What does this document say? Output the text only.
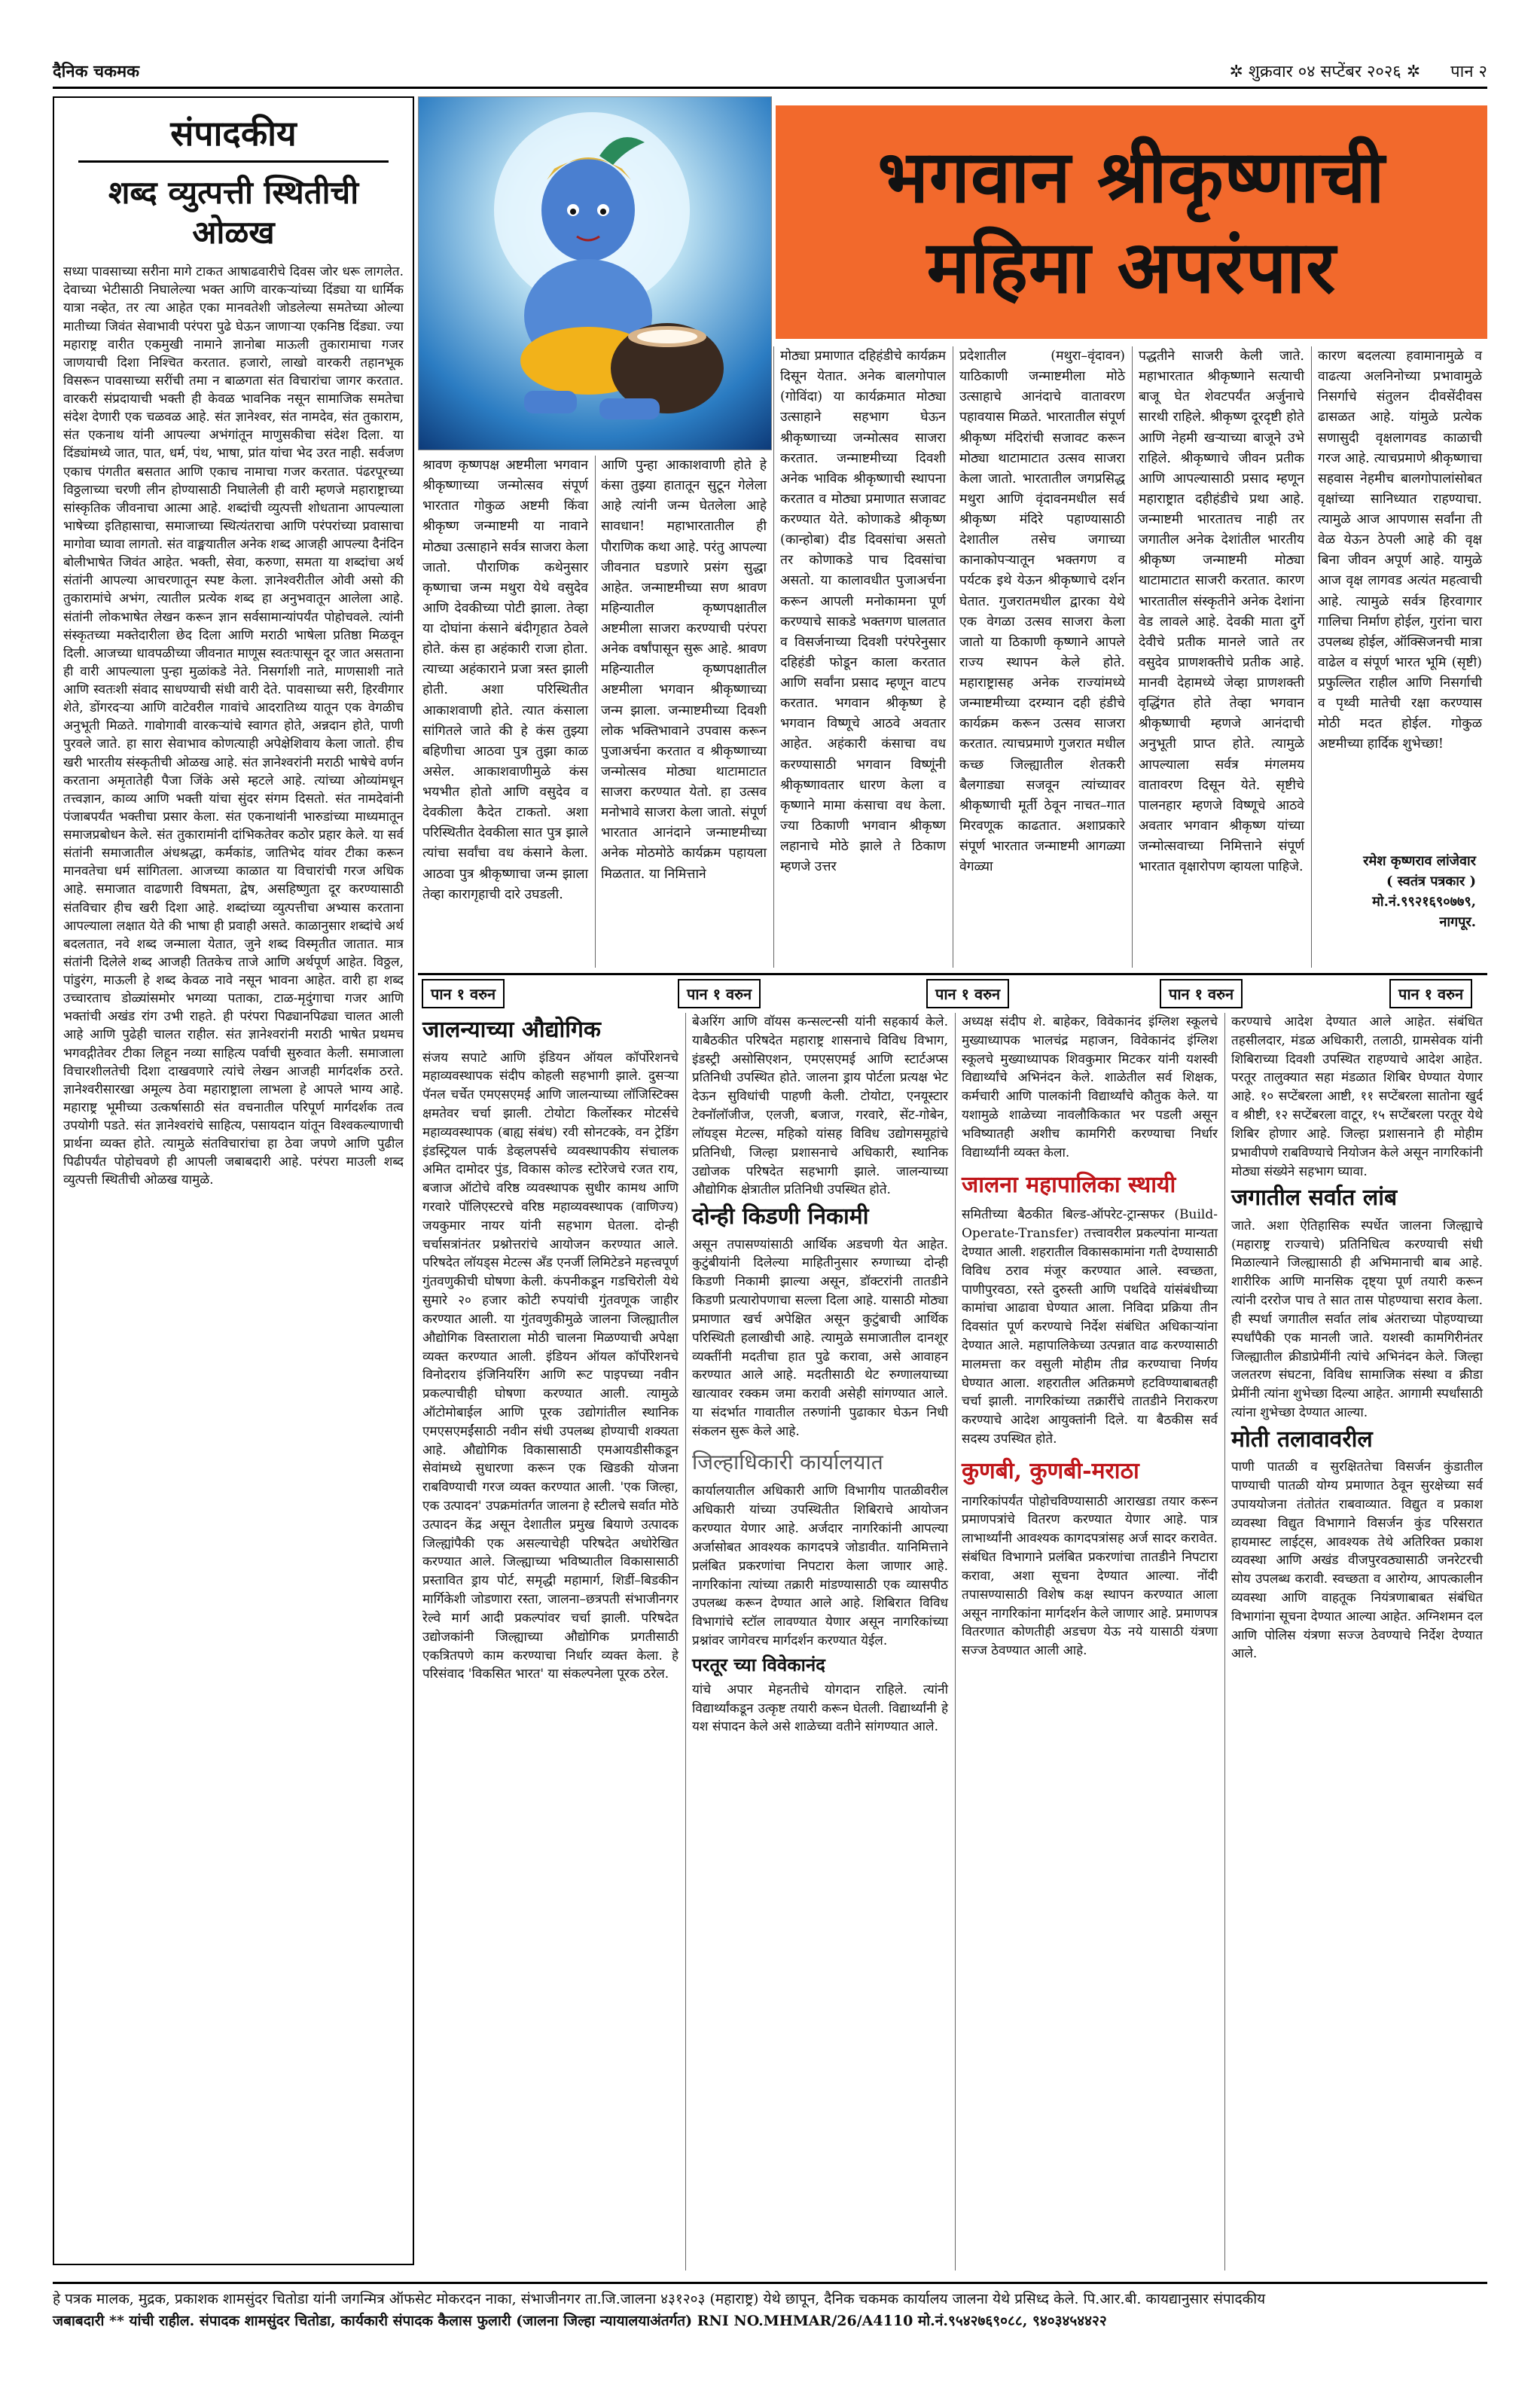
दैनिक चकमक	✲ शुक्रवार ०४ सप्टेंबर २०२६ ✲ पान २
संपादकीय
शब्द व्युत्पत्ती स्थितीची ओळख
सध्या पावसाच्या सरीना मागे टाकत आषाढवारीचे दिवस जोर धरू लागलेत. देवाच्या भेटीसाठी निघालेल्या भक्त आणि वारकऱ्यांच्या दिंड्या या धार्मिक यात्रा नव्हेत, तर त्या आहेत एका मानवतेशी जोडलेल्या समतेच्या ओल्या मातीच्या जिवंत सेवाभावी परंपरा पुढे घेऊन जाणाऱ्या एकनिष्ठ दिंड्या. ज्या महाराष्ट्र वारीत एकमुखी नामाने ज्ञानोबा माऊली तुकारामाचा गजर जाणयाची दिशा निश्चित करतात. हजारो, लाखो वारकरी तहानभूक विसरून पावसाच्या सरींची तमा न बाळगता संत विचारांचा जागर करतात. वारकरी संप्रदायाची भक्ती ही केवळ भावनिक नसून सामाजिक समतेचा संदेश देणारी एक चळवळ आहे. संत ज्ञानेश्वर, संत नामदेव, संत तुकाराम, संत एकनाथ यांनी आपल्या अभंगांतून माणुसकीचा संदेश दिला. या दिंड्यांमध्ये जात, पात, धर्म, पंथ, भाषा, प्रांत यांचा भेद उरत नाही. सर्वजण एकाच पंगतीत बसतात आणि एकाच नामाचा गजर करतात. पंढरपूरच्या विठ्ठलाच्या चरणी लीन होण्यासाठी निघालेली ही वारी म्हणजे महाराष्ट्राच्या सांस्कृतिक जीवनाचा आत्मा आहे. शब्दांची व्युत्पत्ती शोधताना आपल्याला भाषेच्या इतिहासाचा, समाजाच्या स्थित्यंतराचा आणि परंपरांच्या प्रवासाचा मागोवा घ्यावा लागतो. संत वाङ्मयातील अनेक शब्द आजही आपल्या दैनंदिन बोलीभाषेत जिवंत आहेत. भक्ती, सेवा, करुणा, समता या शब्दांचा अर्थ संतांनी आपल्या आचरणातून स्पष्ट केला. ज्ञानेश्वरीतील ओवी असो की तुकारामांचे अभंग, त्यातील प्रत्येक शब्द हा अनुभवातून आलेला आहे. संतांनी लोकभाषेत लेखन करून ज्ञान सर्वसामान्यांपर्यंत पोहोचवले. त्यांनी संस्कृतच्या मक्तेदारीला छेद दिला आणि मराठी भाषेला प्रतिष्ठा मिळवून दिली. आजच्या धावपळीच्या जीवनात माणूस स्वतःपासून दूर जात असताना ही वारी आपल्याला पुन्हा मुळांकडे नेते. निसर्गाशी नाते, माणसाशी नाते आणि स्वतःशी संवाद साधण्याची संधी वारी देते. पावसाच्या सरी, हिरवीगार शेते, डोंगरदऱ्या आणि वाटेवरील गावांचे आदरातिथ्य यातून एक वेगळीच अनुभूती मिळते. गावोगावी वारकऱ्यांचे स्वागत होते, अन्नदान होते, पाणी पुरवले जाते. हा सारा सेवाभाव कोणत्याही अपेक्षेशिवाय केला जातो. हीच खरी भारतीय संस्कृतीची ओळख आहे. संत ज्ञानेश्वरांनी मराठी भाषेचे वर्णन करताना अमृतातेही पैजा जिंके असे म्हटले आहे. त्यांच्या ओव्यांमधून तत्त्वज्ञान, काव्य आणि भक्ती यांचा सुंदर संगम दिसतो. संत नामदेवांनी पंजाबपर्यंत भक्तीचा प्रसार केला. संत एकनाथांनी भारुडांच्या माध्यमातून समाजप्रबोधन केले. संत तुकारामांनी दांभिकतेवर कठोर प्रहार केले. या सर्व संतांनी समाजातील अंधश्रद्धा, कर्मकांड, जातिभेद यांवर टीका करून मानवतेचा धर्म सांगितला. आजच्या काळात या विचारांची गरज अधिक आहे. समाजात वाढणारी विषमता, द्वेष, असहिष्णुता दूर करण्यासाठी संतविचार हीच खरी दिशा आहे. शब्दांच्या व्युत्पत्तीचा अभ्यास करताना आपल्याला लक्षात येते की भाषा ही प्रवाही असते. काळानुसार शब्दांचे अर्थ बदलतात, नवे शब्द जन्माला येतात, जुने शब्द विस्मृतीत जातात. मात्र संतांनी दिलेले शब्द आजही तितकेच ताजे आणि अर्थपूर्ण आहेत. विठ्ठल, पांडुरंग, माऊली हे शब्द केवळ नावे नसून भावना आहेत. वारी हा शब्द उच्चारताच डोळ्यांसमोर भगव्या पताका, टाळ-मृदुंगाचा गजर आणि भक्तांची अखंड रांग उभी राहते. ही परंपरा पिढ्यानपिढ्या चालत आली आहे आणि पुढेही चालत राहील. संत ज्ञानेश्वरांनी मराठी भाषेत प्रथमच भगवद्गीतेवर टीका लिहून नव्या साहित्य पर्वाची सुरुवात केली. समाजाला विचारशीलतेची दिशा दाखवणारे त्यांचे लेखन आजही मार्गदर्शक ठरते. ज्ञानेश्वरीसारखा अमूल्य ठेवा महाराष्ट्राला लाभला हे आपले भाग्य आहे. महाराष्ट्र भूमीच्या उत्कर्षासाठी संत वचनातील परिपूर्ण मार्गदर्शक तत्व उपयोगी पडते. संत ज्ञानेश्वरांचे साहित्य, पसायदान यांतून विश्वकल्याणाची प्रार्थना व्यक्त होते. त्यामुळे संतविचारांचा हा ठेवा जपणे आणि पुढील पिढीपर्यंत पोहोचवणे ही आपली जबाबदारी आहे. परंपरा माउली शब्द व्युत्पत्ती स्थितीची ओळख यामुळे.
भगवान श्रीकृष्णाची
महिमा अपरंपार
श्रावण कृष्णपक्ष अष्टमीला भगवान श्रीकृष्णाच्या जन्मोत्सव संपूर्ण भारतात गोकुळ अष्टमी किंवा श्रीकृष्ण जन्माष्टमी या नावाने मोठ्या उत्साहाने सर्वत्र साजरा केला जातो. पौराणिक कथेनुसार कृष्णाचा जन्म मथुरा येथे वसुदेव आणि देवकीच्या पोटी झाला. तेव्हा या दोघांना कंसाने बंदीगृहात ठेवले होते. कंस हा अहंकारी राजा होता. त्याच्या अहंकाराने प्रजा त्रस्त झाली होती. अशा परिस्थितीत आकाशवाणी होते. त्यात कंसाला सांगितले जाते की हे कंस तुझ्या बहिणीचा आठवा पुत्र तुझा काळ असेल. आकाशवाणीमुळे कंस भयभीत होतो आणि वसुदेव व देवकीला कैदेत टाकतो. अशा परिस्थितीत देवकीला सात पुत्र झाले त्यांचा सर्वांचा वध कंसाने केला. आठवा पुत्र श्रीकृष्णाचा जन्म झाला तेव्हा कारागृहाची दारे उघडली.
आणि पुन्हा आकाशवाणी होते हे कंसा तुझ्या हातातून सुटून गेलेला आहे त्यांनी जन्म घेतलेला आहे सावधान! महाभारतातील ही पौराणिक कथा आहे. परंतु आपल्या जीवनात घडणारे प्रसंग सुद्धा आहेत. जन्माष्टमीच्या सण श्रावण महिन्यातील कृष्णपक्षातील अष्टमीला साजरा करण्याची परंपरा अनेक वर्षांपासून सुरू आहे. श्रावण महिन्यातील कृष्णपक्षातील अष्टमीला भगवान श्रीकृष्णाच्या जन्म झाला. जन्माष्टमीच्या दिवशी लोक भक्तिभावाने उपवास करून पुजाअर्चना करतात व श्रीकृष्णाच्या जन्मोत्सव मोठ्या थाटामाटात साजरा करण्यात येतो. हा उत्सव मनोभावे साजरा केला जातो. संपूर्ण भारतात आनंदाने जन्माष्टमीच्या अनेक मोठमोठे कार्यक्रम पहायला मिळतात. या निमित्ताने
मोठ्या प्रमाणात दहिहंडीचे कार्यक्रम दिसून येतात. अनेक बालगोपाल (गोविंदा) या कार्यक्रमात मोठ्या उत्साहाने सहभाग घेऊन श्रीकृष्णाच्या जन्मोत्सव साजरा करतात. जन्माष्टमीच्या दिवशी अनेक भाविक श्रीकृष्णाची स्थापना करतात व मोठ्या प्रमाणात सजावट करण्यात येते. कोणाकडे श्रीकृष्ण (कान्होबा) दीड दिवसांचा असतो तर कोणाकडे पाच दिवसांचा असतो. या कालावधीत पुजाअर्चना करून आपली मनोकामना पूर्ण करण्याचे साकडे भक्तगण घालतात व विसर्जनाच्या दिवशी परंपरेनुसार दहिहंडी फोडून काला करतात आणि सर्वांना प्रसाद म्हणून वाटप करतात. भगवान श्रीकृष्ण हे भगवान विष्णूचे आठवे अवतार आहेत. अहंकारी कंसाचा वध करण्यासाठी भगवान विष्णूंनी श्रीकृष्णावतार धारण केला व कृष्णाने मामा कंसाचा वध केला. ज्या ठिकाणी भगवान श्रीकृष्ण लहानाचे मोठे झाले ते ठिकाण म्हणजे उत्तर
प्रदेशातील (मथुरा–वृंदावन) याठिकाणी जन्माष्टमीला मोठे उत्साहाचे आनंदाचे वातावरण पहावयास मिळते. भारतातील संपूर्ण श्रीकृष्ण मंदिरांची सजावट करून मोठ्या थाटामाटात उत्सव साजरा केला जातो. भारतातील जगप्रसिद्ध मथुरा आणि वृंदावनमधील सर्व श्रीकृष्ण मंदिरे पहाण्यासाठी देशातील तसेच जगाच्या कानाकोपऱ्यातून भक्तगण व पर्यटक इथे येऊन श्रीकृष्णाचे दर्शन घेतात. गुजरातमधील द्वारका येथे एक वेगळा उत्सव साजरा केला जातो या ठिकाणी कृष्णाने आपले राज्य स्थापन केले होते. महाराष्ट्रासह अनेक राज्यांमध्ये जन्माष्टमीच्या दरम्यान दही हंडीचे कार्यक्रम करून उत्सव साजरा करतात. त्याचप्रमाणे गुजरात मधील कच्छ जिल्ह्यातील शेतकरी बैलगाड्या सजवून त्यांच्यावर श्रीकृष्णाची मूर्ती ठेवून नाचत–गात मिरवणूक काढतात. अशाप्रकारे संपूर्ण भारतात जन्माष्टमी आगळ्या वेगळ्या
पद्धतीने साजरी केली जाते. महाभारतात श्रीकृष्णाने सत्याची बाजू घेत शेवटपर्यंत अर्जुनाचे सारथी राहिले. श्रीकृष्ण दूरदृष्टी होते आणि नेहमी खऱ्याच्या बाजूने उभे राहिले. श्रीकृष्णाचे जीवन प्रतीक आणि आपल्यासाठी प्रसाद म्हणून महाराष्ट्रात दहीहंडीचे प्रथा आहे. जन्माष्टमी भारतातच नाही तर जगातील अनेक देशांतील भारतीय श्रीकृष्ण जन्माष्टमी मोठ्या थाटामाटात साजरी करतात. कारण भारतातील संस्कृतीने अनेक देशांना वेड लावले आहे. देवकी माता दुर्गे देवीचे प्रतीक मानले जाते तर वसुदेव प्राणशक्तीचे प्रतीक आहे. मानवी देहामध्ये जेव्हा प्राणशक्ती वृद्धिंगत होते तेव्हा भगवान श्रीकृष्णाची म्हणजे आनंदाची अनुभूती प्राप्त होते. त्यामुळे आपल्याला सर्वत्र मंगलमय वातावरण दिसून येते. सृष्टीचे पालनहार म्हणजे विष्णूचे आठवे अवतार भगवान श्रीकृष्ण यांच्या जन्मोत्सवाच्या निमित्ताने संपूर्ण भारतात वृक्षारोपण व्हायला पाहिजे.
कारण बदलत्या हवामानामुळे व वाढत्या अलनिनोच्या प्रभावामुळे निसर्गाचे संतुलन दीवसेंदीवस ढासळत आहे. यांमुळे प्रत्येक सणासुदी वृक्षलागवड काळाची गरज आहे. त्याचप्रमाणे श्रीकृष्णाचा सहवास नेहमीच बालगोपालांसोबत वृक्षांच्या सानिध्यात राहण्याचा. त्यामुळे आज आपणास सर्वांना ती वेळ येऊन ठेपली आहे की वृक्ष बिना जीवन अपूर्ण आहे. यामुळे आज वृक्ष लागवड अत्यंत महत्वाची आहे. त्यामुळे सर्वत्र हिरवागार गालिचा निर्माण होईल, गुरांना चारा उपलब्ध होईल, ऑक्सिजनची मात्रा वाढेल व संपूर्ण भारत भूमि (सृष्टी) प्रफुल्लित राहील आणि निसर्गाची व पृथ्वी मातेची रक्षा करण्यास मोठी मदत होईल. गोकुळ अष्टमीच्या हार्दिक शुभेच्छा!
रमेश कृष्णराव लांजेवार
( स्वतंत्र पत्रकार )
मो.नं.९९२१६९०७७९,
नागपूर.
पान १ वरुन	पान १ वरुन	पान १ वरुन	पान १ वरुन	पान १ वरुन
जालन्याच्या औद्योगिक
संजय सपाटे आणि इंडियन ऑयल कॉर्पोरेशनचे महाव्यवस्थापक संदीप कोहली सहभागी झाले. दुसऱ्या पॅनल चर्चेत एमएसएमई आणि जालन्याच्या लॉजिस्टिक्स क्षमतेवर चर्चा झाली. टोयोटा किर्लोस्कर मोटर्सचे महाव्यवस्थापक (बाह्य संबंध) रवी सोनटक्के, वन ट्रेडिंग इंडस्ट्रियल पार्क डेव्हलपर्सचे व्यवस्थापकीय संचालक अमित दामोदर पुंड, विकास कोल्ड स्टोरेजचे रजत राय, बजाज ऑटोचे वरिष्ठ व्यवस्थापक सुधीर कामथ आणि गरवारे पॉलिएस्टरचे वरिष्ठ महाव्यवस्थापक (वाणिज्य) जयकुमार नायर यांनी सहभाग घेतला. दोन्ही चर्चासत्रांनंतर प्रश्नोत्तरांचे आयोजन करण्यात आले. परिषदेत लॉयड्स मेटल्स अँड एनर्जी लिमिटेडने महत्त्वपूर्ण गुंतवणुकीची घोषणा केली. कंपनीकडून गडचिरोली येथे सुमारे २० हजार कोटी रुपयांची गुंतवणूक जाहीर करण्यात आली. या गुंतवणुकीमुळे जालना जिल्ह्यातील औद्योगिक विस्ताराला मोठी चालना मिळण्याची अपेक्षा व्यक्त करण्यात आली. इंडियन ऑयल कॉर्पोरेशनचे विनोदराय इंजिनियरिंग आणि रूट पाइपच्या नवीन प्रकल्पाचीही घोषणा करण्यात आली. त्यामुळे ऑटोमोबाईल आणि पूरक उद्योगांतील स्थानिक एमएसएमईंसाठी नवीन संधी उपलब्ध होण्याची शक्यता आहे. औद्योगिक विकासासाठी एमआयडीसीकडून सेवांमध्ये सुधारणा करून एक खिडकी योजना राबविण्याची गरज व्यक्त करण्यात आली. 'एक जिल्हा, एक उत्पादन' उपक्रमांतर्गत जालना हे स्टीलचे सर्वात मोठे उत्पादन केंद्र असून देशातील प्रमुख बियाणे उत्पादक जिल्ह्यांपैकी एक असल्याचेही परिषदेत अधोरेखित करण्यात आले. जिल्ह्याच्या भविष्यातील विकासासाठी प्रस्तावित ड्राय पोर्ट, समृद्धी महामार्ग, शिर्डी–बिडकीन मार्गिकेशी जोडणारा रस्ता, जालना–छत्रपती संभाजीनगर रेल्वे मार्ग आदी प्रकल्पांवर चर्चा झाली. परिषदेत उद्योजकांनी जिल्ह्याच्या औद्योगिक प्रगतीसाठी एकत्रितपणे काम करण्याचा निर्धार व्यक्त केला. हे परिसंवाद 'विकसित भारत' या संकल्पनेला पूरक ठरेल.
बेअरिंग आणि वॉयस कन्सल्टन्सी यांनी सहकार्य केले. याबैठकीत परिषदेत महाराष्ट्र शासनाचे विविध विभाग, इंडस्ट्री असोसिएशन, एमएसएमई आणि स्टार्टअप्स प्रतिनिधी उपस्थित होते. जालना ड्राय पोर्टला प्रत्यक्ष भेट देऊन सुविधांची पाहणी केली. टोयोटा, एनयूस्टार टेक्नॉलॉजीज, एलजी, बजाज, गरवारे, सेंट-गोबेन, लॉयड्स मेटल्स, महिको यांसह विविध उद्योगसमूहांचे प्रतिनिधी, जिल्हा प्रशासनाचे अधिकारी, स्थानिक उद्योजक परिषदेत सहभागी झाले. जालन्याच्या औद्योगिक क्षेत्रातील प्रतिनिधी उपस्थित होते.
दोन्ही किडणी निकामी
असून तपासण्यांसाठी आर्थिक अडचणी येत आहेत. कुटुंबीयांनी दिलेल्या माहितीनुसार रुग्णाच्या दोन्ही किडणी निकामी झाल्या असून, डॉक्टरांनी तातडीने किडणी प्रत्यारोपणाचा सल्ला दिला आहे. यासाठी मोठ्या प्रमाणात खर्च अपेक्षित असून कुटुंबाची आर्थिक परिस्थिती हलाखीची आहे. त्यामुळे समाजातील दानशूर व्यक्तींनी मदतीचा हात पुढे करावा, असे आवाहन करण्यात आले आहे. मदतीसाठी थेट रुग्णालयाच्या खात्यावर रक्कम जमा करावी असेही सांगण्यात आले. या संदर्भात गावातील तरुणांनी पुढाकार घेऊन निधी संकलन सुरू केले आहे.
जिल्हाधिकारी कार्यालयात
कार्यालयातील अधिकारी आणि विभागीय पातळीवरील अधिकारी यांच्या उपस्थितीत शिबिराचे आयोजन करण्यात येणार आहे. अर्जदार नागरिकांनी आपल्या अर्जासोबत आवश्यक कागदपत्रे जोडावीत. यानिमित्ताने प्रलंबित प्रकरणांचा निपटारा केला जाणार आहे. नागरिकांना त्यांच्या तक्रारी मांडण्यासाठी एक व्यासपीठ उपलब्ध करून देण्यात आले आहे. शिबिरात विविध विभागांचे स्टॉल लावण्यात येणार असून नागरिकांच्या प्रश्नांवर जागेवरच मार्गदर्शन करण्यात येईल.
परतूर च्या विवेकानंद
यांचे अपार मेहनतीचे योगदान राहिले. त्यांनी विद्यार्थ्यांकडून उत्कृष्ट तयारी करून घेतली. विद्यार्थ्यांनी हे यश संपादन केले असे शाळेच्या वतीने सांगण्यात आले.
अध्यक्ष संदीप शे. बाहेकर, विवेकानंद इंग्लिश स्कूलचे मुख्याध्यापक भालचंद्र महाजन, विवेकानंद इंग्लिश स्कूलचे मुख्याध्यापक शिवकुमार मिटकर यांनी यशस्वी विद्यार्थ्यांचे अभिनंदन केले. शाळेतील सर्व शिक्षक, कर्मचारी आणि पालकांनी विद्यार्थ्यांचे कौतुक केले. या यशामुळे शाळेच्या नावलौकिकात भर पडली असून भविष्यातही अशीच कामगिरी करण्याचा निर्धार विद्यार्थ्यांनी व्यक्त केला.
जालना महापालिका स्थायी
समितीच्या बैठकीत बिल्ड-ऑपरेट-ट्रान्सफर (Build-Operate-Transfer) तत्त्वावरील प्रकल्पांना मान्यता देण्यात आली. शहरातील विकासकामांना गती देण्यासाठी विविध ठराव मंजूर करण्यात आले. स्वच्छता, पाणीपुरवठा, रस्ते दुरुस्ती आणि पथदिवे यांसंबंधीच्या कामांचा आढावा घेण्यात आला. निविदा प्रक्रिया तीन दिवसांत पूर्ण करण्याचे निर्देश संबंधित अधिकाऱ्यांना देण्यात आले. महापालिकेच्या उत्पन्नात वाढ करण्यासाठी मालमत्ता कर वसुली मोहीम तीव्र करण्याचा निर्णय घेण्यात आला. शहरातील अतिक्रमणे हटविण्याबाबतही चर्चा झाली. नागरिकांच्या तक्रारींचे तातडीने निराकरण करण्याचे आदेश आयुक्तांनी दिले. या बैठकीस सर्व सदस्य उपस्थित होते.
कुणबी, कुणबी-मराठा
नागरिकांपर्यंत पोहोचविण्यासाठी आराखडा तयार करून प्रमाणपत्रांचे वितरण करण्यात येणार आहे. पात्र लाभार्थ्यांनी आवश्यक कागदपत्रांसह अर्ज सादर करावेत. संबंधित विभागाने प्रलंबित प्रकरणांचा तातडीने निपटारा करावा, अशा सूचना देण्यात आल्या. नोंदी तपासण्यासाठी विशेष कक्ष स्थापन करण्यात आला असून नागरिकांना मार्गदर्शन केले जाणार आहे. प्रमाणपत्र वितरणात कोणतीही अडचण येऊ नये यासाठी यंत्रणा सज्ज ठेवण्यात आली आहे.
करण्याचे आदेश देण्यात आले आहेत. संबंधित तहसीलदार, मंडळ अधिकारी, तलाठी, ग्रामसेवक यांनी शिबिराच्या दिवशी उपस्थित राहण्याचे आदेश आहेत. परतूर तालुक्यात सहा मंडळात शिबिर घेण्यात येणार आहे. १० सप्टेंबरला आष्टी, ११ सप्टेंबरला सातोना खुर्द व श्रीष्टी, १२ सप्टेंबरला वाटूर, १५ सप्टेंबरला परतूर येथे शिबिर होणार आहे. जिल्हा प्रशासनाने ही मोहीम प्रभावीपणे राबविण्याचे नियोजन केले असून नागरिकांनी मोठ्या संख्येने सहभाग घ्यावा.
जगातील सर्वात लांब
जाते. अशा ऐतिहासिक स्पर्धेत जालना जिल्ह्याचे (महाराष्ट्र राज्याचे) प्रतिनिधित्व करण्याची संधी मिळाल्याने जिल्ह्यासाठी ही अभिमानाची बाब आहे. शारीरिक आणि मानसिक दृष्ट्या पूर्ण तयारी करून त्यांनी दररोज पाच ते सात तास पोहण्याचा सराव केला. ही स्पर्धा जगातील सर्वात लांब अंतराच्या पोहण्याच्या स्पर्धांपैकी एक मानली जाते. यशस्वी कामगिरीनंतर जिल्ह्यातील क्रीडाप्रेमींनी त्यांचे अभिनंदन केले. जिल्हा जलतरण संघटना, विविध सामाजिक संस्था व क्रीडा प्रेमींनी त्यांना शुभेच्छा दिल्या आहेत. आगामी स्पर्धांसाठी त्यांना शुभेच्छा देण्यात आल्या.
मोती तलावावरील
पाणी पातळी व सुरक्षिततेचा विसर्जन कुंडातील पाण्याची पातळी योग्य प्रमाणात ठेवून सुरक्षेच्या सर्व उपाययोजना तंतोतंत राबवाव्यात. विद्युत व प्रकाश व्यवस्था विद्युत विभागाने विसर्जन कुंड परिसरात हायमास्ट लाईट्स, आवश्यक तेथे अतिरिक्त प्रकाश व्यवस्था आणि अखंड वीजपुरवठ्यासाठी जनरेटरची सोय उपलब्ध करावी. स्वच्छता व आरोग्य, आपत्कालीन व्यवस्था आणि वाहतूक नियंत्रणाबाबत संबंधित विभागांना सूचना देण्यात आल्या आहेत. अग्निशमन दल आणि पोलिस यंत्रणा सज्ज ठेवण्याचे निर्देश देण्यात आले.
हे पत्रक मालक, मुद्रक, प्रकाशक शामसुंदर चितोडा यांनी जगन्मित्र ऑफसेट मोकरदन नाका, संभाजीनगर ता.जि.जालना ४३१२०३ (महाराष्ट्र) येथे छापून, दैनिक चकमक कार्यालय जालना येथे प्रसिध्द केले. पि.आर.बी. कायद्यानुसार संपादकीय
जबाबदारी ** यांची राहील. संपादक शामसुंदर चितोडा, कार्यकारी संपादक कैलास फुलारी (जालना जिल्हा न्यायालयाअंतर्गत) RNI NO.MHMAR/26/A4110 मो.नं.९५४२७६९०८८, ९४०३४५४४२२
